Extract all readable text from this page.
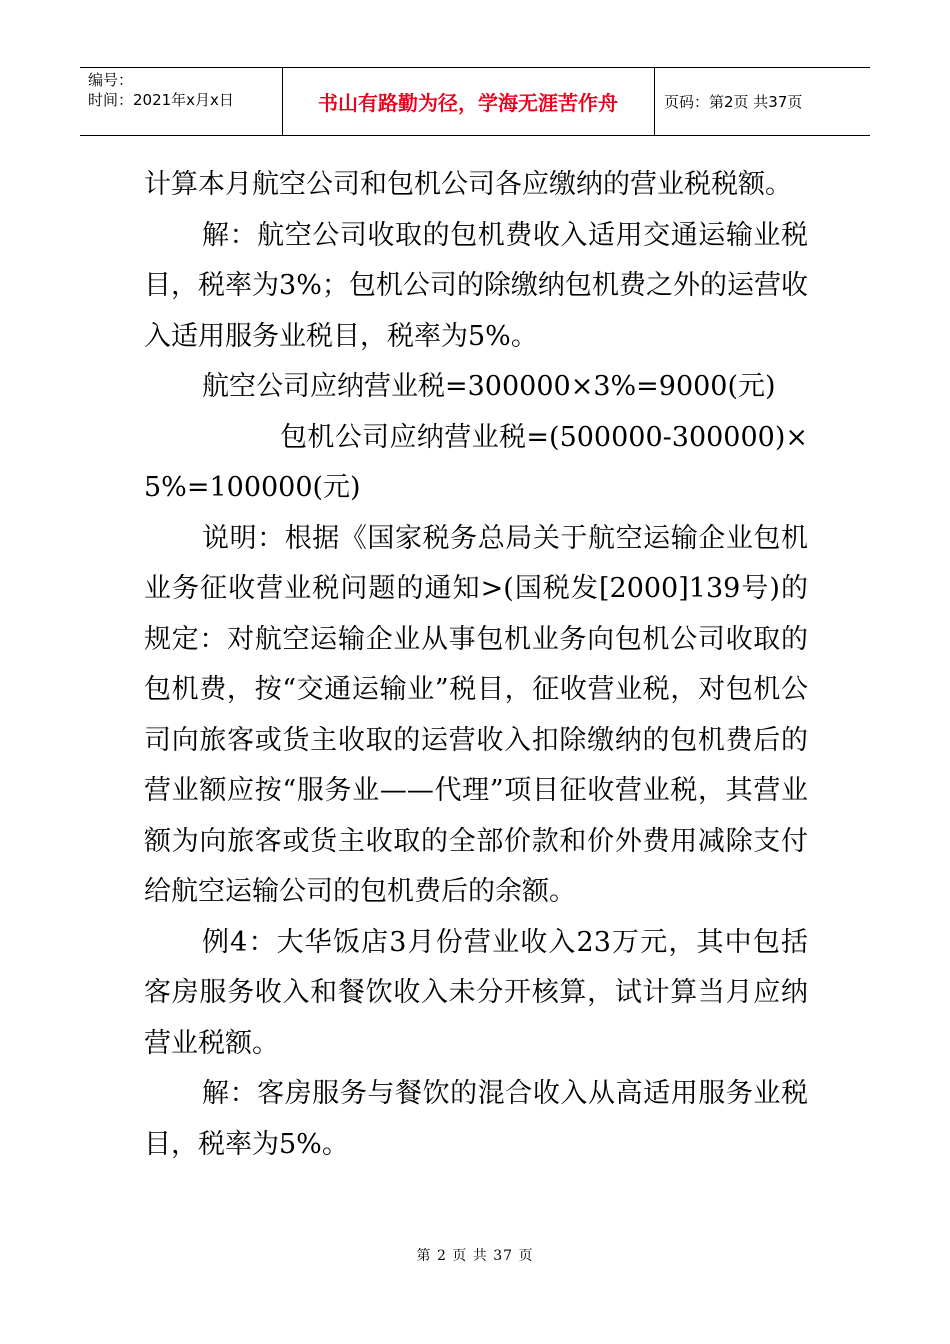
编号：
时间：2021年x月x日	书山有路勤为径，学海无涯苦作舟	页码：第2页 共37页

计算本月航空公司和包机公司各应缴纳的营业税税额。

解：航空公司收取的包机费收入适用交通运输业税目，税率为3%；包机公司的除缴纳包机费之外的运营收入适用服务业税目，税率为5%。

航空公司应纳营业税=300000×3%=9000(元)

包机公司应纳营业税=(500000-300000)×5%=100000(元)

说明：根据《国家税务总局关于航空运输企业包机业务征收营业税问题的通知>(国税发[2000]139号)的规定：对航空运输企业从事包机业务向包机公司收取的包机费，按“交通运输业”税目，征收营业税，对包机公司向旅客或货主收取的运营收入扣除缴纳的包机费后的营业额应按“服务业——代理”项目征收营业税，其营业额为向旅客或货主收取的全部价款和价外费用减除支付给航空运输公司的包机费后的余额。

例4：大华饭店3月份营业收入23万元，其中包括客房服务收入和餐饮收入未分开核算，试计算当月应纳营业税额。

解：客房服务与餐饮的混合收入从高适用服务业税目，税率为5%。

第 2 页 共 37 页
